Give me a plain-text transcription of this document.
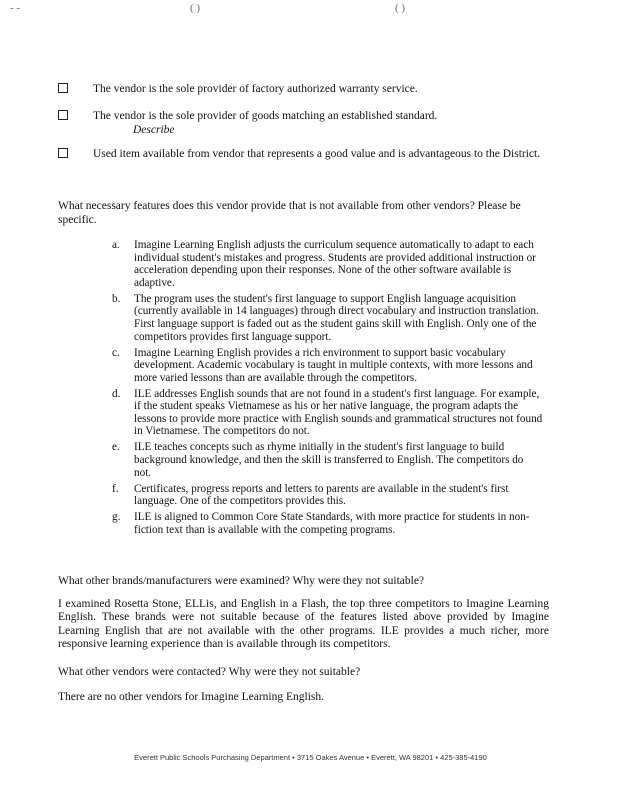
- -	( )	( )
The vendor is the sole provider of factory authorized warranty service.
The vendor is the sole provider of goods matching an established standard.
Describe
Used item available from vendor that represents a good value and is advantageous to the District.
What necessary features does this vendor provide that is not available from other vendors? Please be specific.
a. Imagine Learning English adjusts the curriculum sequence automatically to adapt to each individual student's mistakes and progress. Students are provided additional instruction or acceleration depending upon their responses. None of the other software available is adaptive.
b. The program uses the student's first language to support English language acquisition (currently available in 14 languages) through direct vocabulary and instruction translation. First language support is faded out as the student gains skill with English. Only one of the competitors provides first language support.
c. Imagine Learning English provides a rich environment to support basic vocabulary development. Academic vocabulary is taught in multiple contexts, with more lessons and more varied lessons than are available through the competitors.
d. ILE addresses English sounds that are not found in a student's first language. For example, if the student speaks Vietnamese as his or her native language, the program adapts the lessons to provide more practice with English sounds and grammatical structures not found in Vietnamese. The competitors do not.
e. ILE teaches concepts such as rhyme initially in the student's first language to build background knowledge, and then the skill is transferred to English. The competitors do not.
f. Certificates, progress reports and letters to parents are available in the student's first language. One of the competitors provides this.
g. ILE is aligned to Common Core State Standards, with more practice for students in non-fiction text than is available with the competing programs.
What other brands/manufacturers were examined? Why were they not suitable?
I examined Rosetta Stone, ELLis, and English in a Flash, the top three competitors to Imagine Learning English. These brands were not suitable because of the features listed above provided by Imagine Learning English that are not available with the other programs. ILE provides a much richer, more responsive learning experience than is available through its competitors.
What other vendors were contacted? Why were they not suitable?
There are no other vendors for Imagine Learning English.
Everett Public Schools Purchasing Department • 3715 Oakes Avenue • Everett, WA 98201 • 425-385-4190
